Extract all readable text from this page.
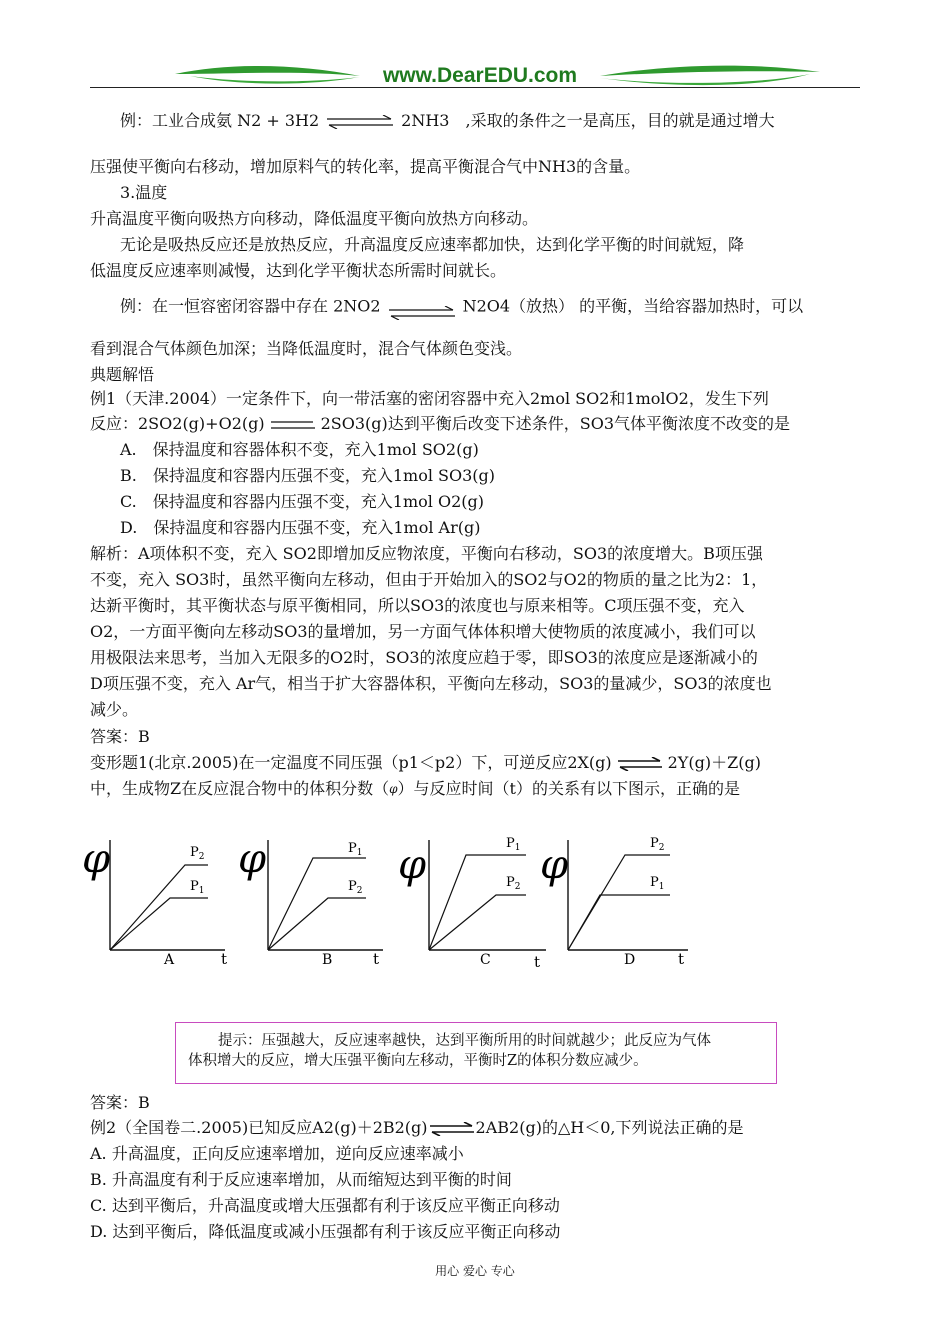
www.DearEDU.com
例：工业合成氨 N2 + 3H2	2NH3　,采取的条件之一是高压，目的就是通过增大
压强使平衡向右移动，增加原料气的转化率，提高平衡混合气中NH3的含量。
3.温度
升高温度平衡向吸热方向移动，降低温度平衡向放热方向移动。
无论是吸热反应还是放热反应，升高温度反应速率都加快，达到化学平衡的时间就短，降
低温度反应速率则减慢，达到化学平衡状态所需时间就长。
例：在一恒容密闭容器中存在 2NO2	N2O4（放热） 的平衡，当给容器加热时，可以
看到混合气体颜色加深；当降低温度时，混合气体颜色变浅。
典题解悟
例1（天津.2004）一定条件下，向一带活塞的密闭容器中充入2mol SO2和1molO2，发生下列
反应：2SO2(g)+O2(g)	2SO3(g)达到平衡后改变下述条件，SO3气体平衡浓度不改变的是
A.　保持温度和容器体积不变，充入1mol SO2(g)
B.　保持温度和容器内压强不变，充入1mol SO3(g)
C.　保持温度和容器内压强不变，充入1mol O2(g)
D.　保持温度和容器内压强不变，充入1mol Ar(g)
解析：A项体积不变，充入 SO2即增加反应物浓度，平衡向右移动，SO3的浓度增大。B项压强
不变，充入 SO3时，虽然平衡向左移动，但由于开始加入的SO2与O2的物质的量之比为2：1，
达新平衡时，其平衡状态与原平衡相同，所以SO3的浓度也与原来相等。C项压强不变，充入
O2，一方面平衡向左移动SO3的量增加，另一方面气体体积增大使物质的浓度减小，我们可以
用极限法来思考，当加入无限多的O2时，SO3的浓度应趋于零，即SO3的浓度应是逐渐减小的
D项压强不变，充入 Ar气，相当于扩大容器体积，平衡向左移动，SO3的量减少，SO3的浓度也
减少。
答案：B
变形题1(北京.2005)在一定温度不同压强（p1＜p2）下，可逆反应2X(g) ⇌ 2Y(g)＋Z(g)
中，生成物Z在反应混合物中的体积分数（$^\varphi$）与反应时间（t）的关系有以下图示，正确的是
φ	$P_2$
$P_1$
A	t
φ	$P_1$
$P_2$
B	t
φ	$P_1$
$P_2$
C	t
φ	$P_2$
$P_1$
D	t
提示：压强越大，反应速率越快，达到平衡所用的时间就越少；此反应为气体
体积增大的反应，增大压强平衡向左移动，平衡时Z的体积分数应减少。
答案：B
例2（全国卷二.2005)已知反应A2(g)＋2B2(g) ⇌ 2AB2(g)的△H＜0,下列说法正确的是
A. 升高温度，正向反应速率增加，逆向反应速率减小
B. 升高温度有利于反应速率增加，从而缩短达到平衡的时间
C. 达到平衡后，升高温度或增大压强都有利于该反应平衡正向移动
D. 达到平衡后，降低温度或减小压强都有利于该反应平衡正向移动
用心 爱心 专心
